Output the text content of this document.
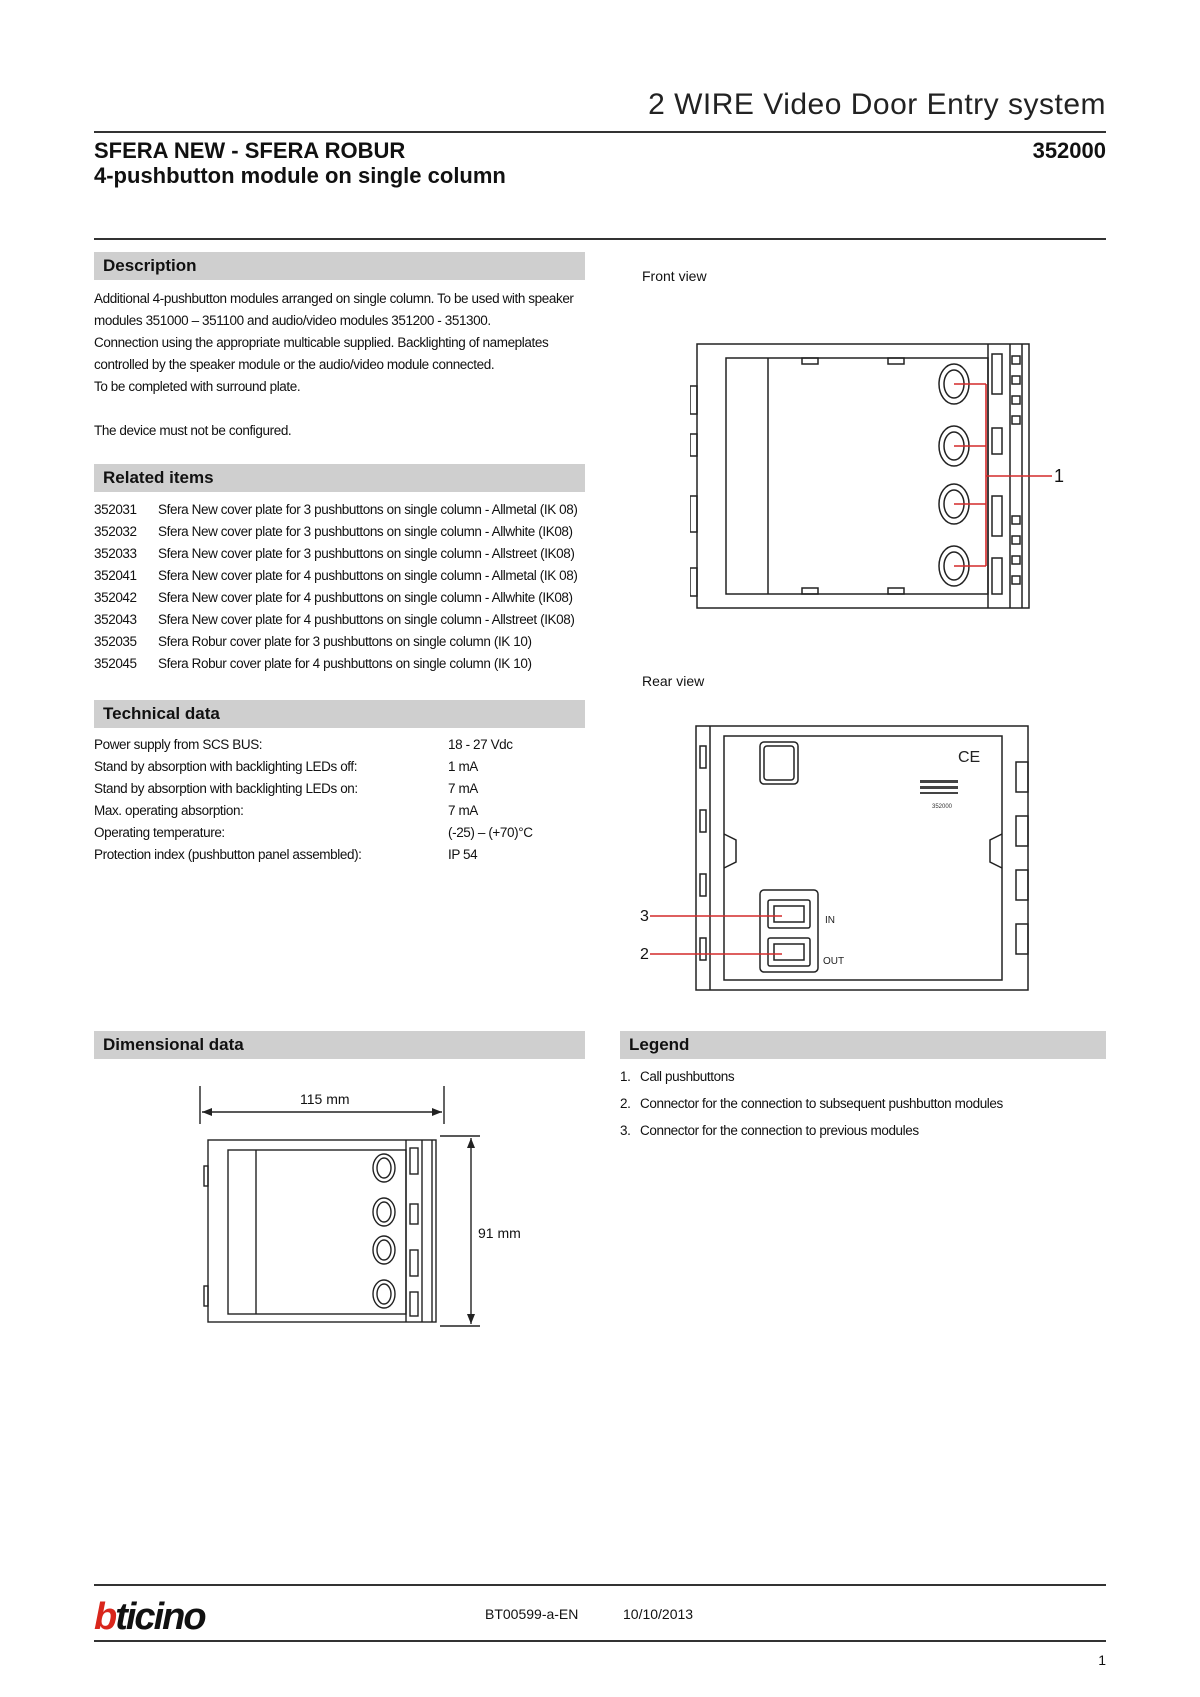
2 WIRE Video Door Entry system
SFERA NEW - SFERA ROBUR
4-pushbutton module on single column
352000
Description

Additional 4-pushbutton modules arranged on single column. To be used with speaker modules 351000 – 351100 and audio/video modules 351200 - 351300.

Connection using the appropriate multicable supplied. Backlighting of nameplates controlled by the speaker module or the audio/video module connected.

To be completed with surround plate.

The device must not be configured.

Related items
352031 Sfera New cover plate for 3 pushbuttons on single column - Allmetal (IK 08)
352032 Sfera New cover plate for 3 pushbuttons on single column - Allwhite (IK08)
352033 Sfera New cover plate for 3 pushbuttons on single column - Allstreet (IK08)
352041 Sfera New cover plate for 4 pushbuttons on single column - Allmetal (IK 08)
352042 Sfera New cover plate for 4 pushbuttons on single column - Allwhite (IK08)
352043 Sfera New cover plate for 4 pushbuttons on single column - Allstreet (IK08)
352035 Sfera Robur cover plate for 3 pushbuttons on single column (IK 10)
352045 Sfera Robur cover plate for 4 pushbuttons on single column (IK 10)
Technical data
Power supply from SCS BUS:	18 - 27 Vdc
Stand by absorption with backlighting LEDs off:	1 mA
Stand by absorption with backlighting LEDs on:	7 mA
Max. operating absorption:	7 mA
Operating temperature:	(-25) – (+70)°C
Protection index (pushbutton panel assembled):	IP 54
Front view
1
Rear view
CE
352000
IN
OUT
3
2
Dimensional data
115 mm
91 mm
Legend
1. Call pushbuttons
2. Connector for the connection to subsequent pushbutton modules
3. Connector for the connection to previous modules
bticino	BT00599-a-EN	10/10/2013
1
